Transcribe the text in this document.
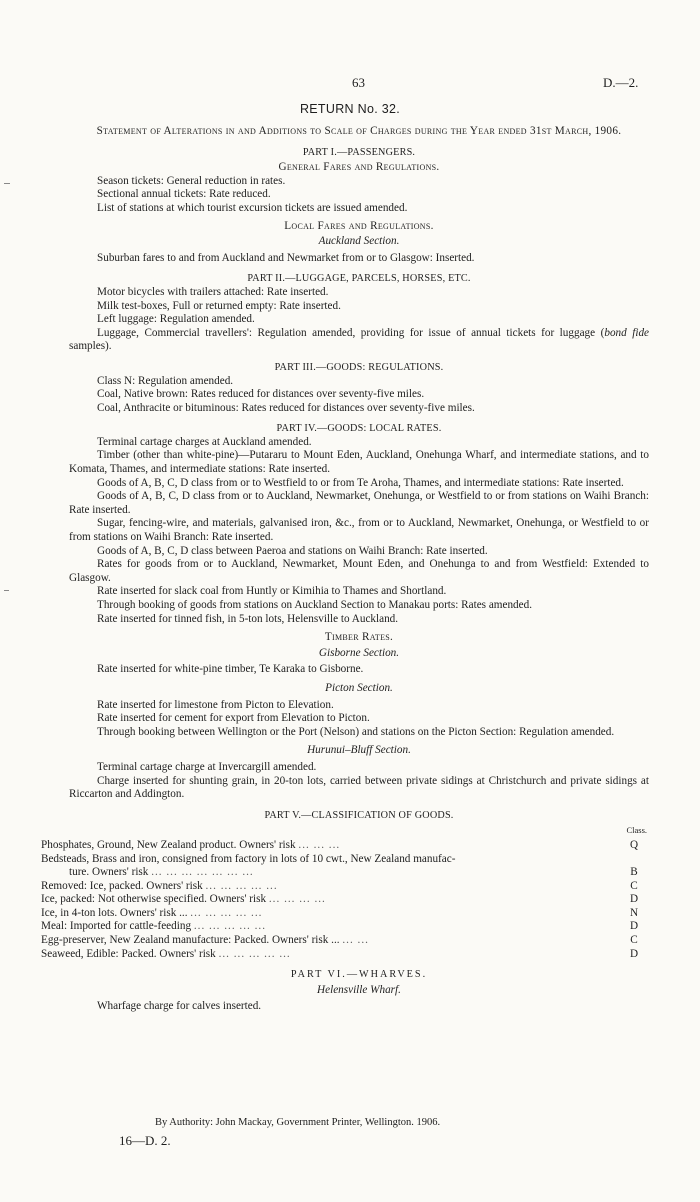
63	D.—2.
RETURN No. 32.
Statement of Alterations in and Additions to Scale of Charges during the Year ended 31st March, 1906.
PART I.—PASSENGERS.
General Fares and Regulations.
Season tickets: General reduction in rates.
Sectional annual tickets: Rate reduced.
List of stations at which tourist excursion tickets are issued amended.
Local Fares and Regulations.
Auckland Section.
Suburban fares to and from Auckland and Newmarket from or to Glasgow: Inserted.
PART II.—LUGGAGE, PARCELS, HORSES, ETC.
Motor bicycles with trailers attached: Rate inserted.
Milk test-boxes, Full or returned empty: Rate inserted.
Left luggage: Regulation amended.
Luggage, Commercial travellers': Regulation amended, providing for issue of annual tickets for luggage (bond fide samples).
PART III.—GOODS: REGULATIONS.
Class N: Regulation amended.
Coal, Native brown: Rates reduced for distances over seventy-five miles.
Coal, Anthracite or bituminous: Rates reduced for distances over seventy-five miles.
PART IV.—GOODS: LOCAL RATES.
Terminal cartage charges at Auckland amended.
Timber (other than white-pine)—Putararu to Mount Eden, Auckland, Onehunga Wharf, and intermediate stations, and to Komata, Thames, and intermediate stations: Rate inserted.
Goods of A, B, C, D class from or to Westfield to or from Te Aroha, Thames, and intermediate stations: Rate inserted.
Goods of A, B, C, D class from or to Auckland, Newmarket, Onehunga, or Westfield to or from stations on Waihi Branch: Rate inserted.
Sugar, fencing-wire, and materials, galvanised iron, &c., from or to Auckland, Newmarket, Onehunga, or Westfield to or from stations on Waihi Branch: Rate inserted.
Goods of A, B, C, D class between Paeroa and stations on Waihi Branch: Rate inserted.
Rates for goods from or to Auckland, Newmarket, Mount Eden, and Onehunga to and from Westfield: Extended to Glasgow.
Rate inserted for slack coal from Huntly or Kimihia to Thames and Shortland.
Through booking of goods from stations on Auckland Section to Manakau ports: Rates amended.
Rate inserted for tinned fish, in 5-ton lots, Helensville to Auckland.
Timber Rates.
Gisborne Section.
Rate inserted for white-pine timber, Te Karaka to Gisborne.
Picton Section.
Rate inserted for limestone from Picton to Elevation.
Rate inserted for cement for export from Elevation to Picton.
Through booking between Wellington or the Port (Nelson) and stations on the Picton Section: Regulation amended.
Hurunui–Bluff Section.
Terminal cartage charge at Invercargill amended.
Charge inserted for shunting grain, in 20-ton lots, carried between private sidings at Christchurch and private sidings at Riccarton and Addington.
PART V.—CLASSIFICATION OF GOODS.
Class.
Phosphates, Ground, New Zealand product. Owners' risk ... ... ...	Q
Bedsteads, Brass and iron, consigned from factory in lots of 10 cwt., New Zealand manufac-	
ture. Owners' risk ... ... ... ... ... ... ...	B
Removed: Ice, packed. Owners' risk ... ... ... ... ...	C
Ice, packed: Not otherwise specified. Owners' risk ... ... ... ...	D
Ice, in 4-ton lots. Owners' risk ... ... ... ... ... ...	N
Meal: Imported for cattle-feeding ... ... ... ... ...	D
Egg-preserver, New Zealand manufacture: Packed. Owners' risk ... ... ...	C
Seaweed, Edible: Packed. Owners' risk ... ... ... ... ...	D
PART VI.—WHARVES.
Helensville Wharf.
Wharfage charge for calves inserted.
By Authority: John Mackay, Government Printer, Wellington. 1906.
16—D. 2.
